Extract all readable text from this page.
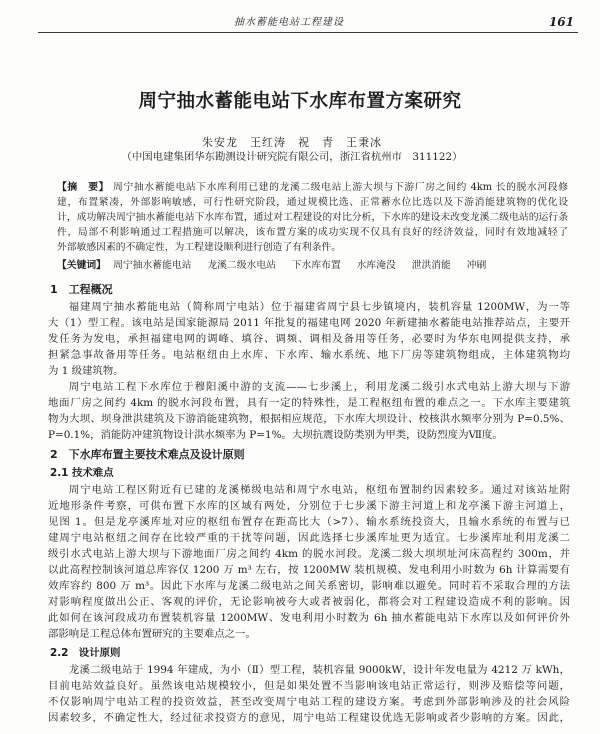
抽水蓄能电站工程建设	161
周宁抽水蓄能电站下水库布置方案研究
朱安龙　王红涛　祝　青　王秉冰
（中国电建集团华东勘测设计研究院有限公司，浙江省杭州市　311122）
【摘　要】 周宁抽水蓄能电站下水库利用已建的龙溪二级电站上游大坝与下游厂房之间约 4km 长的脱水河段修
建，布置紧凑，外部影响敏感，可行性研究阶段，通过规模比选、正常蓄水位比选以及下游消能建筑物的优化设
计，成功解决周宁抽水蓄能电站下水库布置，通过对工程建设的对比分析，下水库的建设未改变龙溪二级电站的运行条
件，局部不利影响通过工程措施可以解决，该布置方案的成功实现不仅具有良好的经济效益，同时有效地减轻了
外部敏感因素的不确定性，为工程建设顺利进行创造了有利条件。
【关键词】 周宁抽水蓄能电站 龙溪二级水电站 下水库布置 水库淹没 泄洪消能 冲刷
1　工程概况
福建周宁抽水蓄能电站（简称周宁电站）位于福建省周宁县七步镇境内，装机容量 1200MW，为一等
大（1）型工程。该电站是国家能源局 2011 年批复的福建电网 2020 年新建抽水蓄能电站推荐站点，主要开
发任务为发电，承担福建电网的调峰、填谷、调频、调相及备用等任务，必要时为华东电网提供支持，承
担紧急事故备用等任务。电站枢纽由上水库、下水库、输水系统、地下厂房等建筑物组成，主体建筑物均
为 1 级建筑物。
周宁电站工程下水库位于穆阳溪中游的支流——七步溪上，利用龙溪二级引水式电站上游大坝与下游
地面厂房之间约 4km 的脱水河段布置，具有一定的特殊性，是工程枢纽布置的难点之一。下水库主要建筑
物为大坝、坝身泄洪建筑及下游消能建筑物，根据相应规范，下水库大坝设计、校核洪水频率分别为 P=0.5%、
P=0.1%，消能防冲建筑物设计洪水频率为 P=1%。大坝抗震设防类别为甲类，设防烈度为Ⅶ度。
2　下水库布置主要技术难点及设计原则
2.1 技术难点
周宁电站工程区附近有已建的龙溪梯级电站和周宁水电站，枢纽布置制约因素较多。通过对该站址附
近地形条件考察，可供布置下水库的区域有两处，分别位于七步溪下游主河道上和龙亭溪下游主河道上，
见图 1。但是龙亭溪库址对应的枢纽布置存在距高比大（>7）、输水系统投资大，且输水系统的布置与已
建周宁电站枢纽之间存在比较严重的干扰等问题，因此选择七步溪库址更为适宜。七步溪库址利用龙溪二
级引水式电站上游大坝与下游地面厂房之间约 4km 的脱水河段。龙溪二级大坝坝址河床高程约 300m，并
以此高程控制该河道总库容仅 1200 万 m³ 左右，按 1200MW 装机规模、发电利用小时数为 6h 计算需要有
效库容约 800 万 m³。因此下水库与龙溪二级电站之间关系密切，影响难以避免。同时若不采取合理的方法
对影响程度做出公正、客观的评价，无论影响被夸大或者被弱化，都将会对工程建设造成不利的影响。因
此如何在该河段成功布置装机容量 1200MW、发电利用小时数为 6h 抽水蓄能电站下水库以及如何评价外
部影响是工程总体布置研究的主要难点之一。
2.2　设计原则
龙溪二级电站于 1994 年建成，为小（Ⅱ）型工程，装机容量 9000kW，设计年发电量为 4212 万 kWh，
目前电站效益良好。虽然该电站规模较小，但是如果处置不当影响该电站正常运行，则涉及赔偿等问题，
不仅影响周宁电站工程的投资效益，甚至改变周宁电站工程的建设方案。考虑到外部影响涉及的社会风险
因素较多，不确定性大，经过征求投资方的意见，周宁电站工程建设优选无影响或者少影响的方案。因此，
